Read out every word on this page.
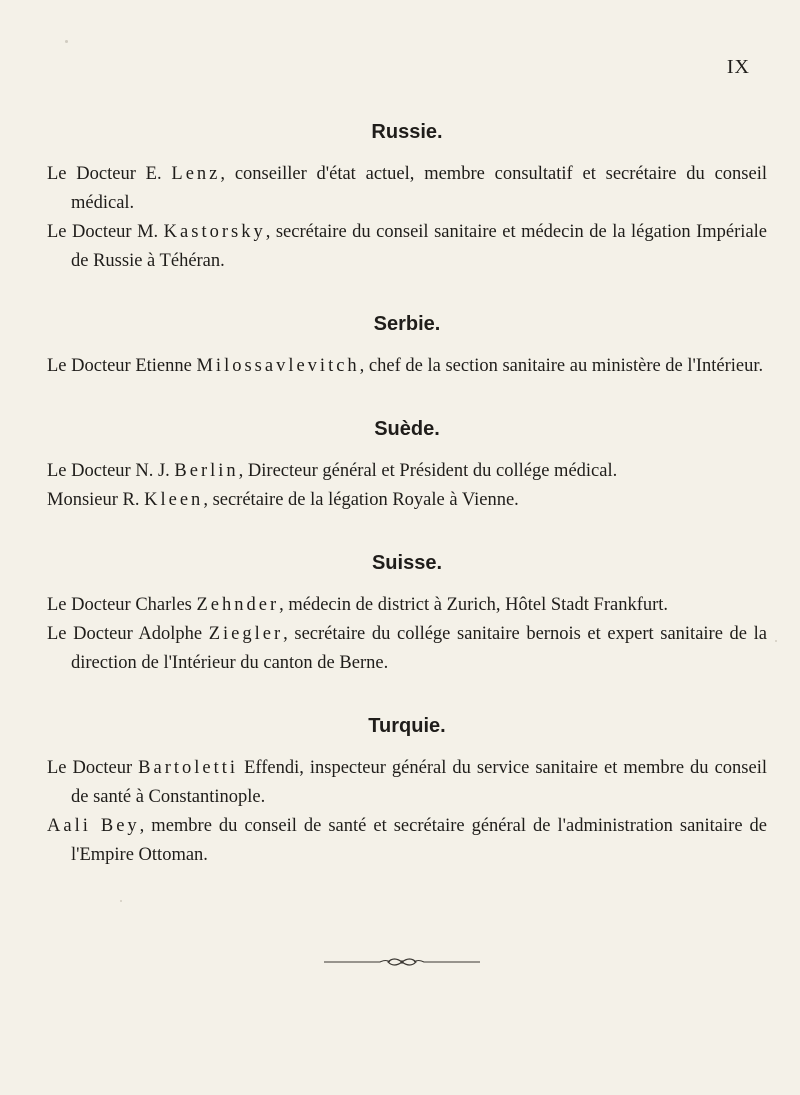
IX
Russie.

Le Docteur E. Lenz, conseiller d'état actuel, membre consultatif et secrétaire du conseil médical.

Le Docteur M. Kastorsky, secrétaire du conseil sanitaire et médecin de la légation Impériale de Russie à Téhéran.

Serbie.

Le Docteur Etienne Milossavlevitch, chef de la section sanitaire au ministère de l'Intérieur.

Suède.

Le Docteur N. J. Berlin, Directeur général et Président du collége médical.

Monsieur R. Kleen, secrétaire de la légation Royale à Vienne.

Suisse.

Le Docteur Charles Zehnder, médecin de district à Zurich, Hôtel Stadt Frankfurt.

Le Docteur Adolphe Ziegler, secrétaire du collége sanitaire bernois et expert sanitaire de la direction de l'Intérieur du canton de Berne.

Turquie.

Le Docteur Bartoletti Effendi, inspecteur général du service sanitaire et membre du conseil de santé à Constantinople.

Aali Bey, membre du conseil de santé et secrétaire général de l'administration sanitaire de l'Empire Ottoman.
